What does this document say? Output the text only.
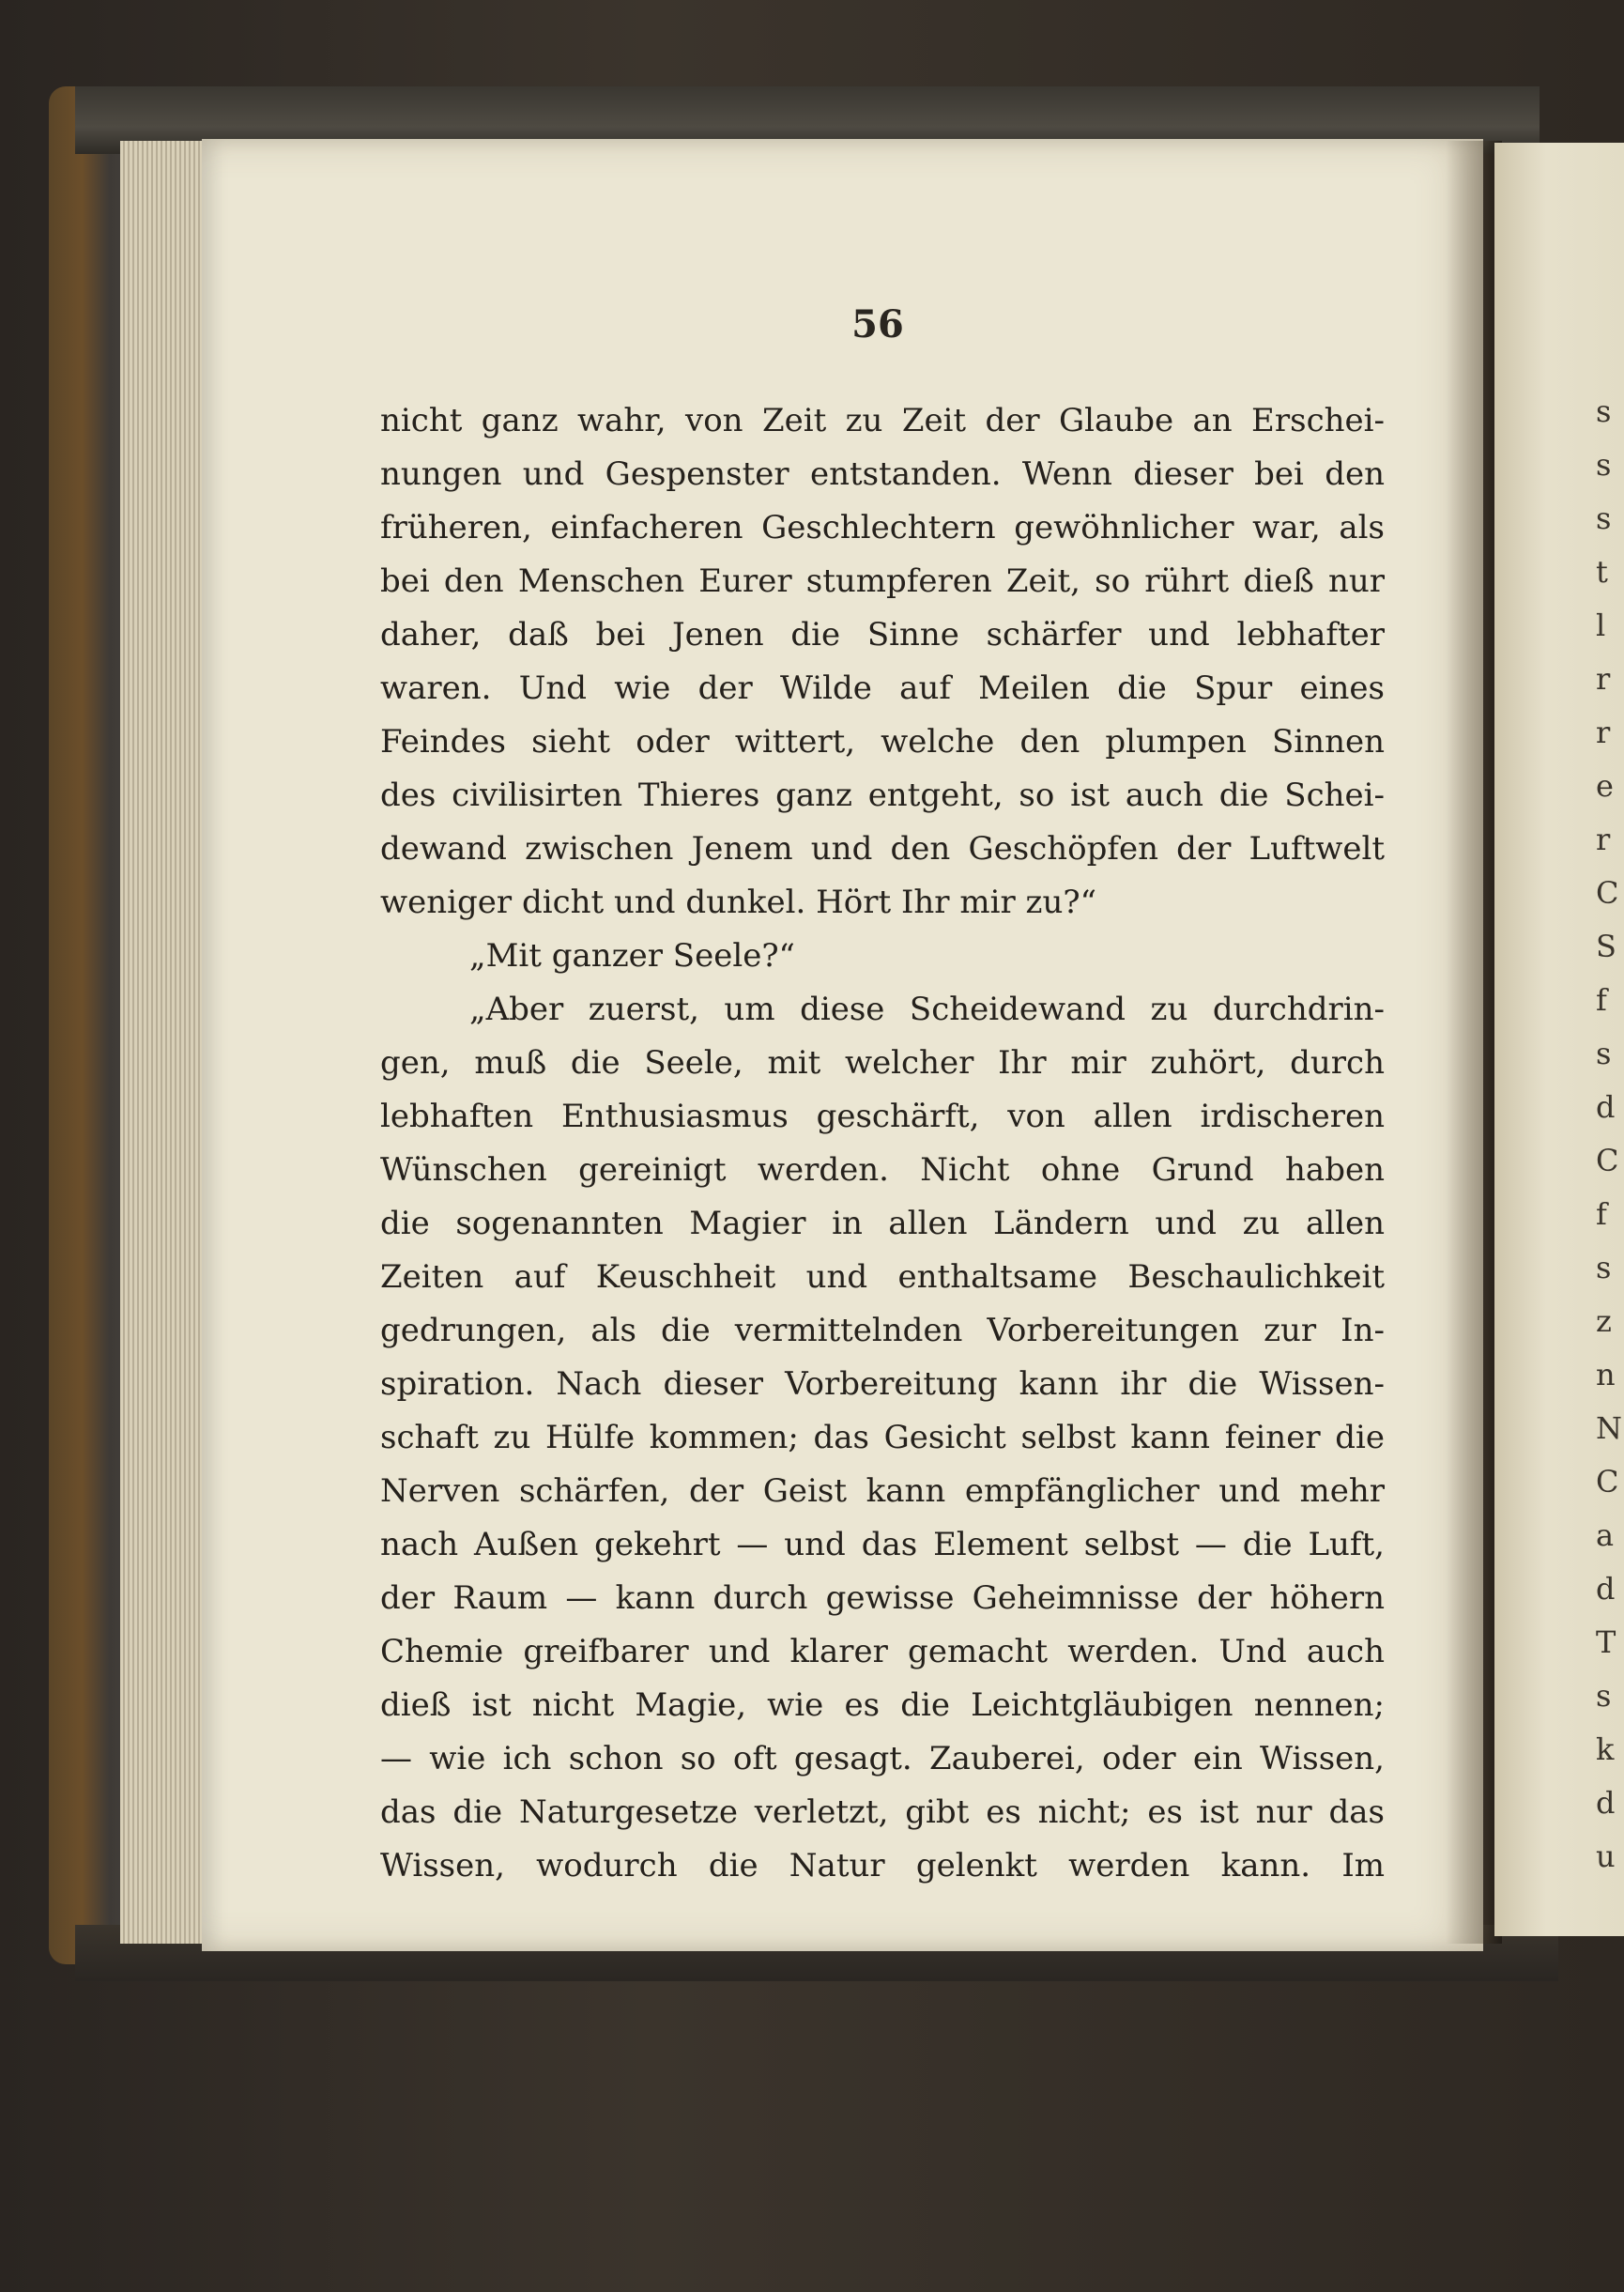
56
nicht ganz wahr, von Zeit zu Zeit der Glaube an Erschei-
nungen und Gespenster entstanden. Wenn dieser bei den
früheren, einfacheren Geschlechtern gewöhnlicher war, als
bei den Menschen Eurer stumpferen Zeit, so rührt dieß nur
daher, daß bei Jenen die Sinne schärfer und lebhafter
waren. Und wie der Wilde auf Meilen die Spur eines
Feindes sieht oder wittert, welche den plumpen Sinnen
des civilisirten Thieres ganz entgeht, so ist auch die Schei-
dewand zwischen Jenem und den Geschöpfen der Luftwelt
weniger dicht und dunkel. Hört Ihr mir zu?“
„Mit ganzer Seele?“
„Aber zuerst, um diese Scheidewand zu durchdrin-
gen, muß die Seele, mit welcher Ihr mir zuhört, durch
lebhaften Enthusiasmus geschärft, von allen irdischeren
Wünschen gereinigt werden. Nicht ohne Grund haben
die sogenannten Magier in allen Ländern und zu allen
Zeiten auf Keuschheit und enthaltsame Beschaulichkeit
gedrungen, als die vermittelnden Vorbereitungen zur In-
spiration. Nach dieser Vorbereitung kann ihr die Wissen-
schaft zu Hülfe kommen; das Gesicht selbst kann feiner die
Nerven schärfen, der Geist kann empfänglicher und mehr
nach Außen gekehrt — und das Element selbst — die Luft,
der Raum — kann durch gewisse Geheimnisse der höhern
Chemie greifbarer und klarer gemacht werden. Und auch
dieß ist nicht Magie, wie es die Leichtgläubigen nennen;
— wie ich schon so oft gesagt. Zauberei, oder ein Wissen,
das die Naturgesetze verletzt, gibt es nicht; es ist nur das
Wissen, wodurch die Natur gelenkt werden kann. Im
s
s
s
t
l
r
r
e
r
C
S
f
s
d
C
f
s
z
n
N
C
a
d
T
s
k
d
u
